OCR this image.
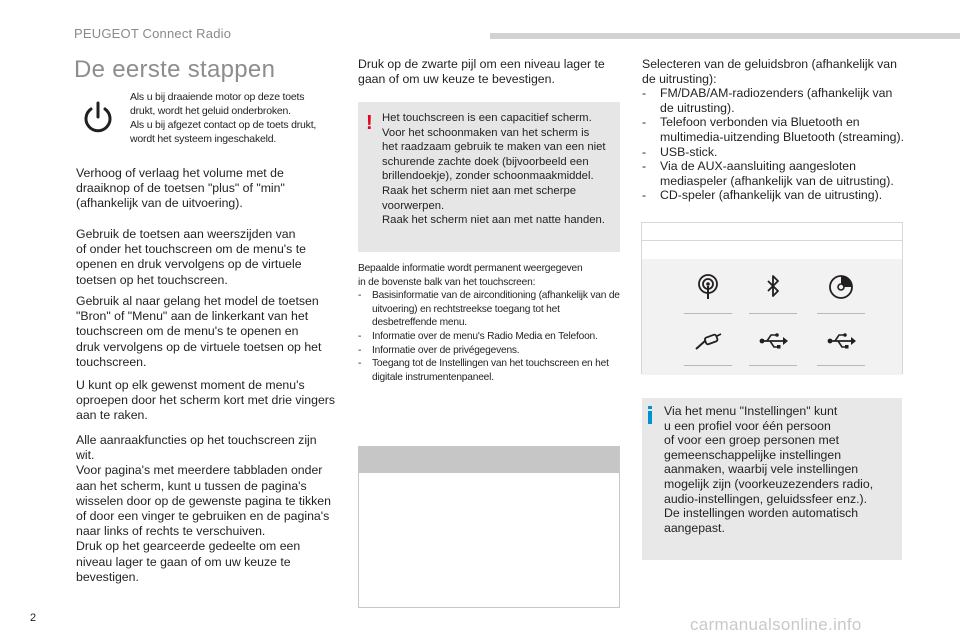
PEUGEOT Connect Radio
De eerste stappen
Als u bij draaiende motor op deze toets
drukt, wordt het geluid onderbroken.
Als u bij afgezet contact op de toets drukt,
wordt het systeem ingeschakeld.
Verhoog of verlaag het volume met de
draaiknop of de toetsen "plus" of "min"
(afhankelijk van de uitvoering).
Gebruik de toetsen aan weerszijden van
of onder het touchscreen om de menu's te
openen en druk vervolgens op de virtuele
toetsen op het touchscreen.
Gebruik al naar gelang het model de toetsen
"Bron" of "Menu" aan de linkerkant van het
touchscreen om de menu's te openen en
druk vervolgens op de virtuele toetsen op het
touchscreen.
U kunt op elk gewenst moment de menu's
oproepen door het scherm kort met drie vingers
aan te raken.
Alle aanraakfuncties op het touchscreen zijn
wit.
Voor pagina's met meerdere tabbladen onder
aan het scherm, kunt u tussen de pagina's
wisselen door op de gewenste pagina te tikken
of door een vinger te gebruiken en de pagina's
naar links of rechts te verschuiven.
Druk op het gearceerde gedeelte om een
niveau lager te gaan of om uw keuze te
bevestigen.
Druk op de zwarte pijl om een niveau lager te
gaan of om uw keuze te bevestigen.
! Het touchscreen is een capacitief scherm.
Voor het schoonmaken van het scherm is
het raadzaam gebruik te maken van een niet
schurende zachte doek (bijvoorbeeld een
brillendoekje), zonder schoonmaakmiddel.
Raak het scherm niet aan met scherpe
voorwerpen.
Raak het scherm niet aan met natte handen.
Bepaalde informatie wordt permanent weergegeven
in de bovenste balk van het touchscreen:
-	Basisinformatie van de airconditioning (afhankelijk van de uitvoering) en rechtstreekse toegang tot het desbetreffende menu.
-	Informatie over de menu's Radio Media en Telefoon.
-	Informatie over de privégegevens.
-	Toegang tot de Instellingen van het touchscreen en het digitale instrumentenpaneel.
Selecteren van de geluidsbron (afhankelijk van
de uitrusting):
-	FM/DAB/AM-radiozenders (afhankelijk van de uitrusting).
-	Telefoon verbonden via Bluetooth en multimedia-uitzending Bluetooth (streaming).
-	USB-stick.
-	Via de AUX-aansluiting aangesloten mediaspeler (afhankelijk van de uitrusting).
-	CD-speler (afhankelijk van de uitrusting).
Via het menu "Instellingen" kunt
u een profiel voor één persoon
of voor een groep personen met
gemeenschappelijke instellingen
aanmaken, waarbij vele instellingen
mogelijk zijn (voorkeuzezenders radio,
audio-instellingen, geluidssfeer enz.).
De instellingen worden automatisch
aangepast.
2	carmanualsonline.info
